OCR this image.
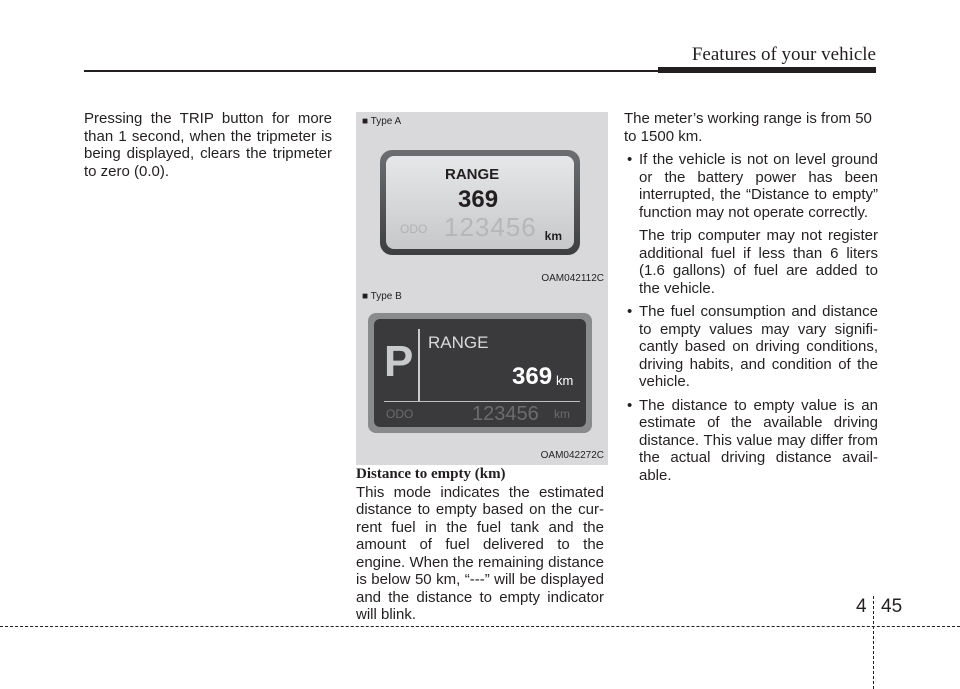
Features of your vehicle

Pressing the TRIP button for more than 1 second, when the tripmeter is being displayed, clears the tripmeter to zero (0.0).

■ Type A
RANGE
369
ODO 123456 km
OAM042112C
■ Type B
P RANGE
369 km
ODO	123456 km
OAM042272C

Distance to empty (km)

This mode indicates the estimated distance to empty based on the cur-rent fuel in the fuel tank and the amount of fuel delivered to the engine. When the remaining distance is below 50 km, “---” will be displayed and the distance to empty indicator will blink.

The meter’s working range is from 50 to 1500 km.

• If the vehicle is not on level ground or the battery power has been interrupted, the “Distance to empty” function may not operate correctly.

The trip computer may not register additional fuel if less than 6 liters (1.6 gallons) of fuel are added to the vehicle.

• The fuel consumption and distance to empty values may vary signifi-cantly based on driving conditions, driving habits, and condition of the vehicle.

• The distance to empty value is an estimate of the available driving distance. This value may differ from the actual driving distance avail-able.

4 45
